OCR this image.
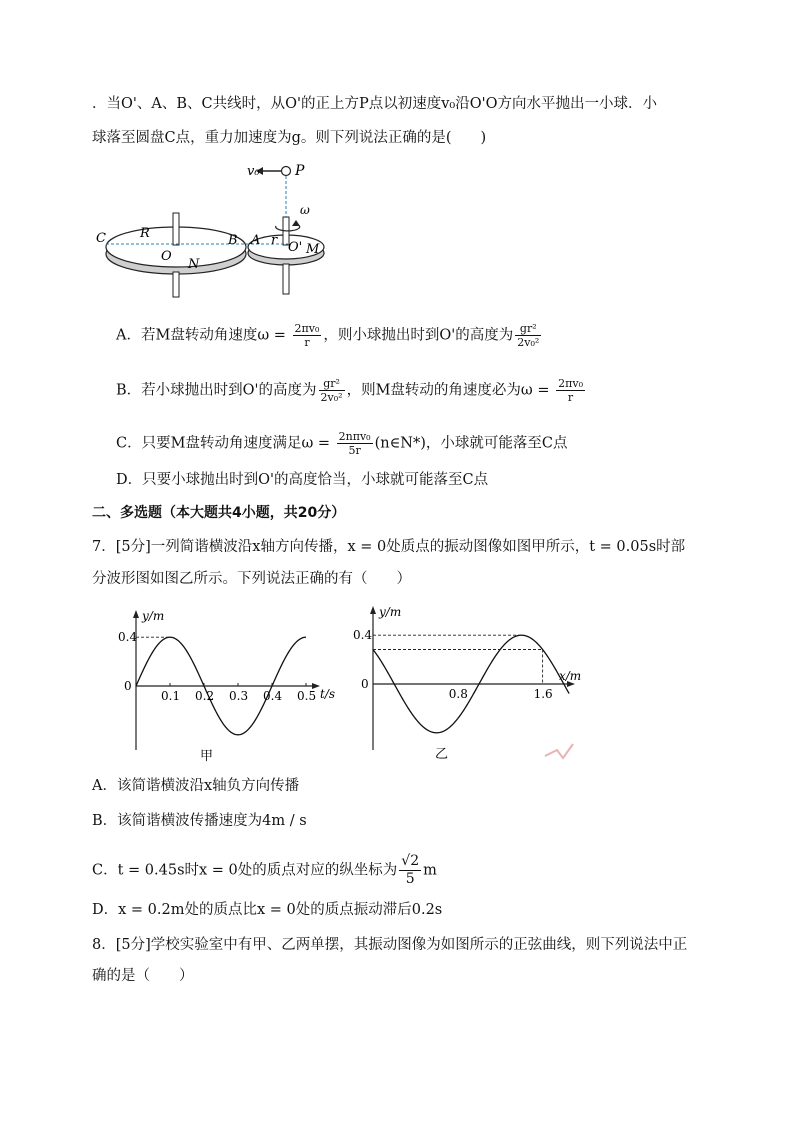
．当O'、A、B、C共线时，从O'的正上方P点以初速度v₀沿O'O方向水平抛出一小球．小
球落至圆盘C点，重力加速度为g。则下列说法正确的是(　　)
v₀	P
ω
C	R
O
N
B A r O' M
A．若M盘转动角速度$\omega = \frac{\text{2πv₀}}{r}$ ，则小球抛出时到O'的高度为 $\frac{\text{gr²}}{\text{2v₀²}}$
B．若小球抛出时到O'的高度为 $\frac{\text{gr²}}{\text{2v₀²}}$ ，则M盘转动的角速度必为$\omega = \frac{\text{2πv₀}}{r}$
C．只要M盘转动角速度满足$\omega = \frac{\text{2nπv₀}}{5r}$ (n∈N*)，小球就可能落至C点
D．只要小球抛出时到O'的高度恰当，小球就可能落至C点
二、多选题（本大题共4小题，共20分）
7．[5分]一列简谐横波沿x轴方向传播，x = 0处质点的振动图像如图甲所示，t = 0.05s时部
分波形图如图乙所示。下列说法正确的有（　　）
0.1 0.2 0.3 0.4 0.5
0.4
0
y/m
t/s
甲
0.8	1.6
0.4
0
y/m
x/m
乙
A．该简谐横波沿x轴负方向传播
B．该简谐横波传播速度为4m / s
C．t = 0.45s时x = 0处的质点对应的纵坐标为 $\frac{√2}{5}$ m
D．x = 0.2m处的质点比x = 0处的质点振动滞后0.2s
8．[5分]学校实验室中有甲、乙两单摆，其振动图像为如图所示的正弦曲线，则下列说法中正
确的是（　　）
